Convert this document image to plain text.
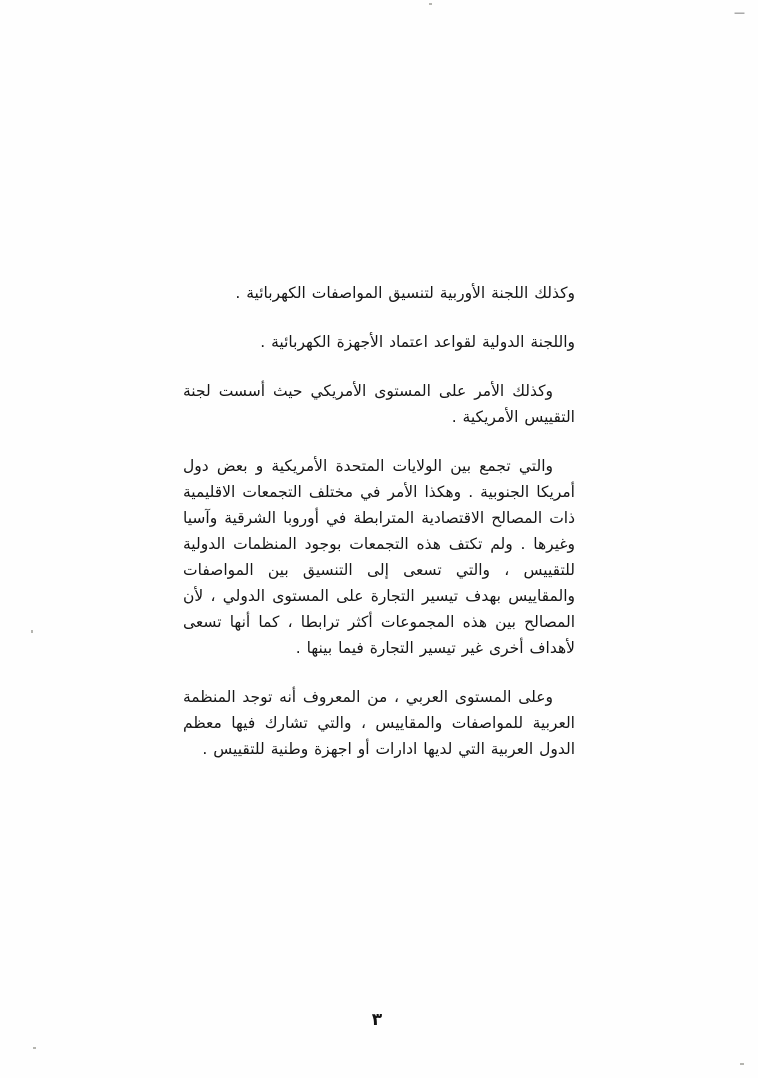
—

وكذلك اللجنة الأوربية لتنسيق المواصفات الكهربائية .

واللجنة الدولية لقواعد اعتماد الأجهزة الكهربائية .

وكذلك الأمر على المستوى الأمريكي حيث أسست لجنة التقييس الأمريكية .

والتي تجمع بين الولايات المتحدة الأمريكية و بعض دول أمريكا الجنوبية . وهكذا الأمر في مختلف التجمعات الاقليمية ذات المصالح الاقتصادية المترابطة في أوروبا الشرقية وآسيا وغيرها . ولم تكتف هذه التجمعات بوجود المنظمات الدولية للتقييس ، والتي تسعى إلى التنسيق بين المواصفات والمقاييس بهدف تيسير التجارة على المستوى الدولي ، لأن المصالح بين هذه المجموعات أكثر ترابطا ، كما أنها تسعى لأهداف أخرى غير تيسير التجارة فيما بينها .

وعلى المستوى العربي ، من المعروف أنه توجد المنظمة العربية للمواصفات والمقاييس ، والتي تشارك فيها معظم الدول العربية التي لديها ادارات أو اجهزة وطنية للتقييس .

٣
